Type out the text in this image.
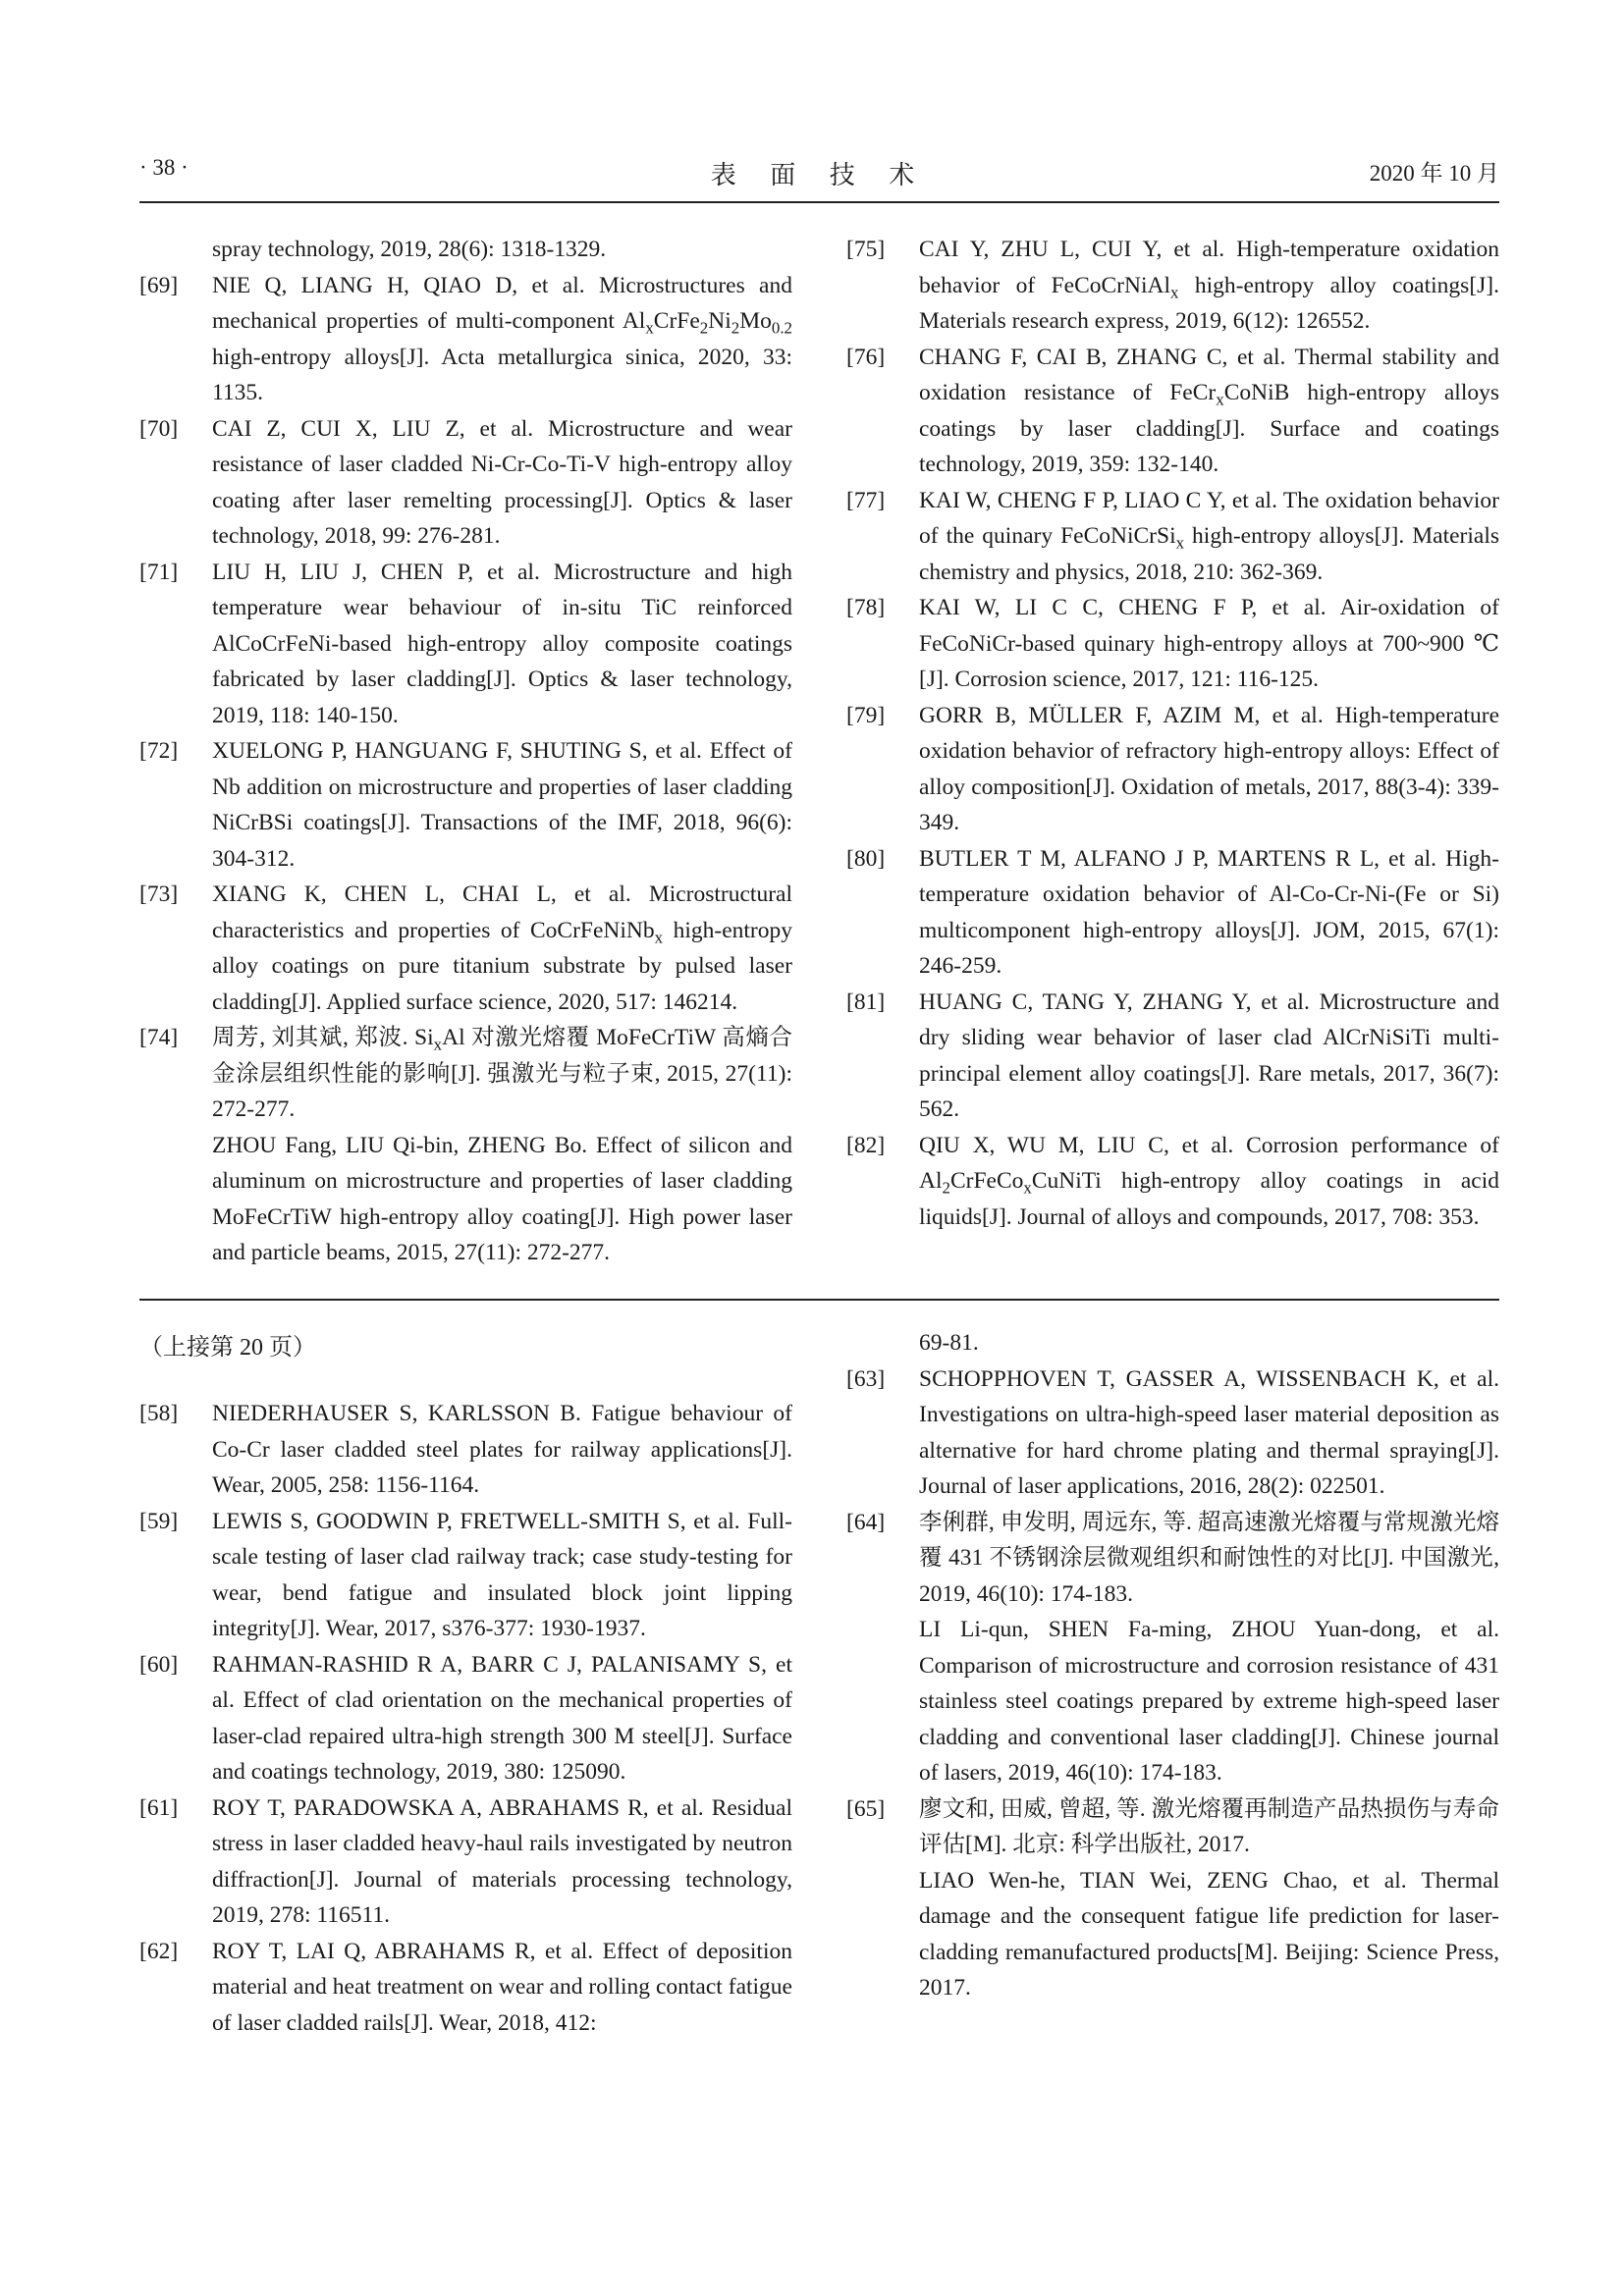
· 38 ·	表 面 技 术	2020 年 10 月
spray technology, 2019, 28(6): 1318-1329.
[69]	NIE Q, LIANG H, QIAO D, et al. Microstructures and mechanical properties of multi-component $Al_xCrFe_2Ni_2Mo_{0.2}$ high-entropy alloys[J]. Acta metallurgica sinica, 2020, 33: 1135.
[70]	CAI Z, CUI X, LIU Z, et al. Microstructure and wear resistance of laser cladded Ni-Cr-Co-Ti-V high-entropy alloy coating after laser remelting processing[J]. Optics & laser technology, 2018, 99: 276-281.
[71]	LIU H, LIU J, CHEN P, et al. Microstructure and high temperature wear behaviour of in-situ TiC reinforced AlCoCrFeNi-based high-entropy alloy composite coatings fabricated by laser cladding[J]. Optics & laser technology, 2019, 118: 140-150.
[72]	XUELONG P, HANGUANG F, SHUTING S, et al. Effect of Nb addition on microstructure and properties of laser cladding NiCrBSi coatings[J]. Transactions of the IMF, 2018, 96(6): 304-312.
[73]	XIANG K, CHEN L, CHAI L, et al. Microstructural characteristics and properties of CoCrFeNiNb$_x$ high-entropy alloy coatings on pure titanium substrate by pulsed laser cladding[J]. Applied surface science, 2020, 517: 146214.
[74]	周芳, 刘其斌, 郑波. $Si_xAl$ 对激光熔覆 MoFeCrTiW 高熵合金涂层组织性能的影响[J]. 强激光与粒子束, 2015, 27(11): 272-277.
ZHOU Fang, LIU Qi-bin, ZHENG Bo. Effect of silicon and aluminum on microstructure and properties of laser cladding MoFeCrTiW high-entropy alloy coating[J]. High power laser and particle beams, 2015, 27(11): 272-277.
[75]	CAI Y, ZHU L, CUI Y, et al. High-temperature oxidation behavior of FeCoCrNiAl$_x$ high-entropy alloy coatings[J]. Materials research express, 2019, 6(12): 126552.
[76]	CHANG F, CAI B, ZHANG C, et al. Thermal stability and oxidation resistance of FeCr$_x$CoNiB high-entropy alloys coatings by laser cladding[J]. Surface and coatings technology, 2019, 359: 132-140.
[77]	KAI W, CHENG F P, LIAO C Y, et al. The oxidation behavior of the quinary FeCoNiCrSi$_x$ high-entropy alloys[J]. Materials chemistry and physics, 2018, 210: 362-369.
[78]	KAI W, LI C C, CHENG F P, et al. Air-oxidation of FeCoNiCr-based quinary high-entropy alloys at 700~900 ℃[J]. Corrosion science, 2017, 121: 116-125.
[79]	GORR B, MÜLLER F, AZIM M, et al. High-temperature oxidation behavior of refractory high-entropy alloys: Effect of alloy composition[J]. Oxidation of metals, 2017, 88(3-4): 339-349.
[80]	BUTLER T M, ALFANO J P, MARTENS R L, et al. High-temperature oxidation behavior of Al-Co-Cr-Ni-(Fe or Si) multicomponent high-entropy alloys[J]. JOM, 2015, 67(1): 246-259.
[81]	HUANG C, TANG Y, ZHANG Y, et al. Microstructure and dry sliding wear behavior of laser clad AlCrNiSiTi multi-principal element alloy coatings[J]. Rare metals, 2017, 36(7): 562.
[82]	QIU X, WU M, LIU C, et al. Corrosion performance of $Al_2CrFeCo_xCuNiTi$ high-entropy alloy coatings in acid liquids[J]. Journal of alloys and compounds, 2017, 708: 353.
（上接第 20 页）
[58]	NIEDERHAUSER S, KARLSSON B. Fatigue behaviour of Co-Cr laser cladded steel plates for railway applications[J]. Wear, 2005, 258: 1156-1164.
[59]	LEWIS S, GOODWIN P, FRETWELL-SMITH S, et al. Full-scale testing of laser clad railway track; case study-testing for wear, bend fatigue and insulated block joint lipping integrity[J]. Wear, 2017, s376-377: 1930-1937.
[60]	RAHMAN-RASHID R A, BARR C J, PALANISAMY S, et al. Effect of clad orientation on the mechanical properties of laser-clad repaired ultra-high strength 300 M steel[J]. Surface and coatings technology, 2019, 380: 125090.
[61]	ROY T, PARADOWSKA A, ABRAHAMS R, et al. Residual stress in laser cladded heavy-haul rails investigated by neutron diffraction[J]. Journal of materials processing technology, 2019, 278: 116511.
[62]	ROY T, LAI Q, ABRAHAMS R, et al. Effect of deposition material and heat treatment on wear and rolling contact fatigue of laser cladded rails[J]. Wear, 2018, 412:
69-81.
[63]	SCHOPPHOVEN T, GASSER A, WISSENBACH K, et al. Investigations on ultra-high-speed laser material deposition as alternative for hard chrome plating and thermal spraying[J]. Journal of laser applications, 2016, 28(2): 022501.
[64]	李俐群, 申发明, 周远东, 等. 超高速激光熔覆与常规激光熔覆 431 不锈钢涂层微观组织和耐蚀性的对比[J]. 中国激光, 2019, 46(10): 174-183.
LI Li-qun, SHEN Fa-ming, ZHOU Yuan-dong, et al. Comparison of microstructure and corrosion resistance of 431 stainless steel coatings prepared by extreme high-speed laser cladding and conventional laser cladding[J]. Chinese journal of lasers, 2019, 46(10): 174-183.
[65]	廖文和, 田威, 曾超, 等. 激光熔覆再制造产品热损伤与寿命评估[M]. 北京: 科学出版社, 2017.
LIAO Wen-he, TIAN Wei, ZENG Chao, et al. Thermal damage and the consequent fatigue life prediction for laser-cladding remanufactured products[M]. Beijing: Science Press, 2017.
